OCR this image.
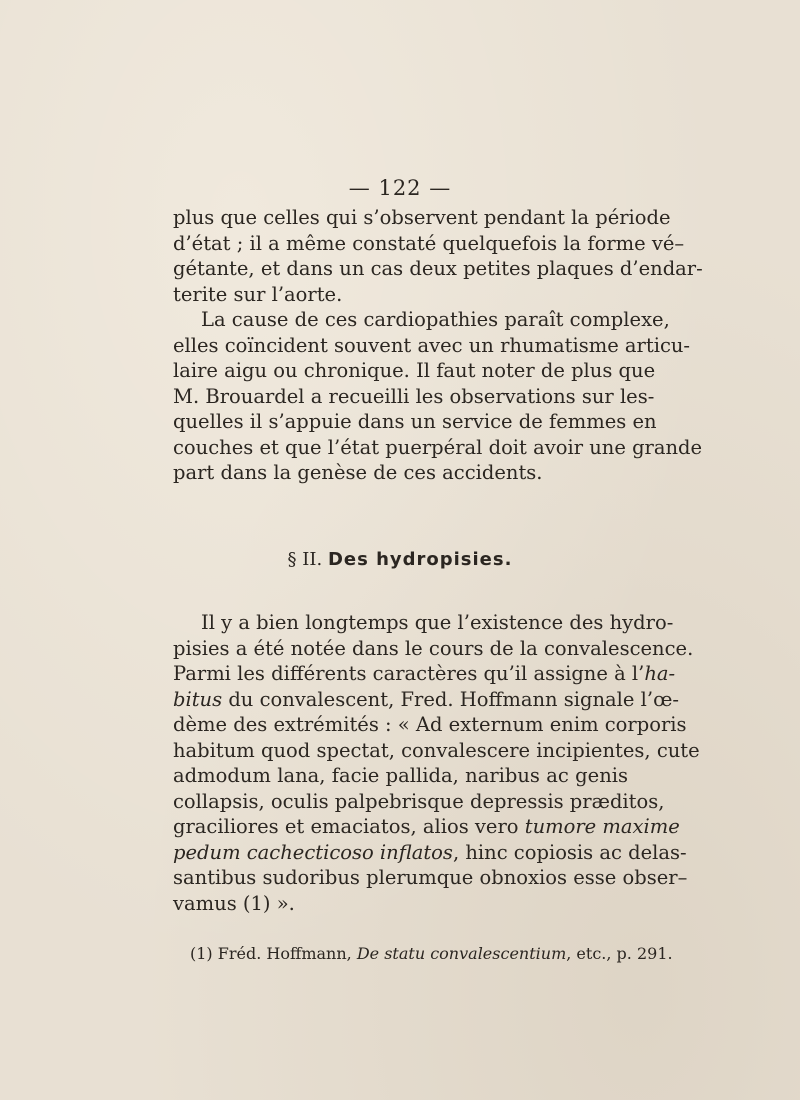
— 122 —
plus que celles qui s’observent pendant la période
d’état ; il a même constaté quelquefois la forme vé–
gétante, et dans un cas deux petites plaques d’endar-
terite sur l’aorte.
La cause de ces cardiopathies paraît complexe,
elles coïncident souvent avec un rhumatisme articu-
laire aigu ou chronique. Il faut noter de plus que
M. Brouardel a recueilli les observations sur les-
quelles il s’appuie dans un service de femmes en
couches et que l’état puerpéral doit avoir une grande
part dans la genèse de ces accidents.
§ II. Des hydropisies.
Il y a bien longtemps que l’existence des hydro-
pisies a été notée dans le cours de la convalescence.
Parmi les différents caractères qu’il assigne à l’ha-
bitus du convalescent, Fred. Hoffmann signale l’œ-
dème des extrémités : « Ad externum enim corporis
habitum quod spectat, convalescere incipientes, cute
admodum lana, facie pallida, naribus ac genis
collapsis, oculis palpebrisque depressis præditos,
graciliores et emaciatos, alios vero tumore maxime
pedum cachecticoso inflatos, hinc copiosis ac delas-
santibus sudoribus plerumque obnoxios esse obser–
vamus (1) ».
(1) Fréd. Hoffmann, De statu convalescentium, etc., p. 291.
